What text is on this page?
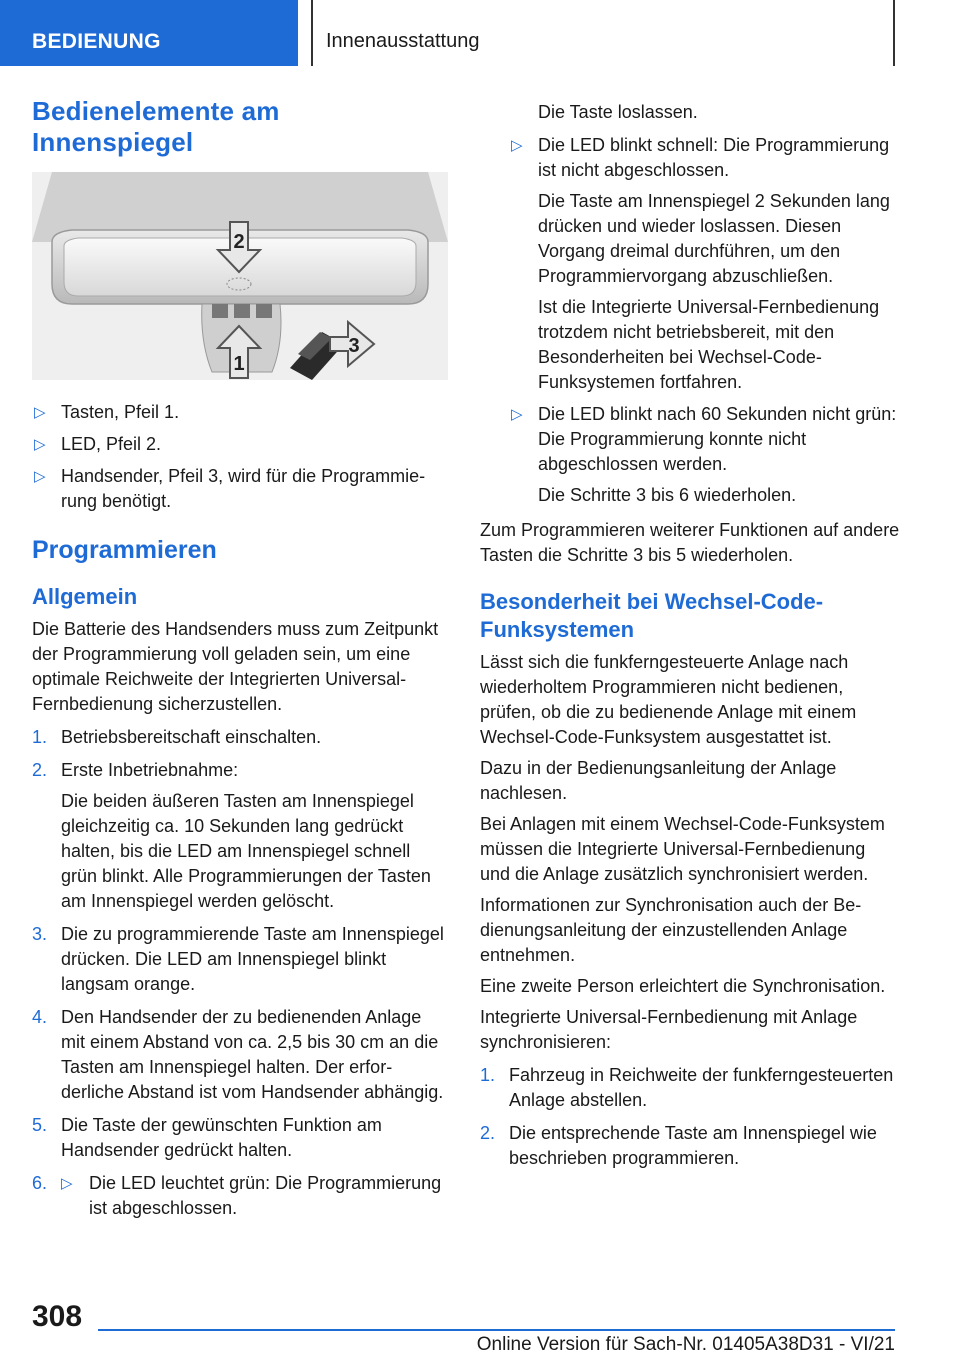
BEDIENUNG	Innenausstattung
Bedienelemente am Innenspiegel
2
1
3
▷ Tasten, Pfeil 1.
▷ LED, Pfeil 2.
▷ Handsender, Pfeil 3, wird für die Programmierung benötigt.
Programmieren
Allgemein

Die Batterie des Handsenders muss zum Zeitpunkt der Programmierung voll geladen sein, um eine optimale Reichweite der Integrierten Universal-Fernbedienung sicherzustellen.

1. Betriebsbereitschaft einschalten.
2. Erste Inbetriebnahme:

Die beiden äußeren Tasten am Innenspiegel gleichzeitig ca. 10 Sekunden lang gedrückt halten, bis die LED am Innenspiegel schnell grün blinkt. Alle Programmierungen der Tasten am Innenspiegel werden gelöscht.

3. Die zu programmierende Taste am Innenspiegel drücken. Die LED am Innenspiegel blinkt langsam orange.
4. Den Handsender der zu bedienenden Anlage mit einem Abstand von ca. 2,5 bis 30 cm an die Tasten am Innenspiegel halten. Der erforderliche Abstand ist vom Handsender abhängig.
5. Die Taste der gewünschten Funktion am Handsender gedrückt halten.
6. ▷ Die LED leuchtet grün: Die Programmierung ist abgeschlossen.

Die Taste loslassen.

▷ Die LED blinkt schnell: Die Programmierung ist nicht abgeschlossen.

Die Taste am Innenspiegel 2 Sekunden lang drücken und wieder loslassen. Diesen Vorgang dreimal durchführen, um den Programmiervorgang abzuschließen.

Ist die Integrierte Universal-Fernbedienung trotzdem nicht betriebsbereit, mit den Besonderheiten bei Wechsel-Code-Funksystemen fortfahren.

▷ Die LED blinkt nach 60 Sekunden nicht grün: Die Programmierung konnte nicht abgeschlossen werden.

Die Schritte 3 bis 6 wiederholen.

Zum Programmieren weiterer Funktionen auf andere Tasten die Schritte 3 bis 5 wiederholen.

Besonderheit bei Wechsel-Code-Funksystemen

Lässt sich die funkferngesteuerte Anlage nach wiederholtem Programmieren nicht bedienen, prüfen, ob die zu bedienende Anlage mit einem Wechsel-Code-Funksystem ausgestattet ist.

Dazu in der Bedienungsanleitung der Anlage nachlesen.

Bei Anlagen mit einem Wechsel-Code-Funksystem müssen die Integrierte Universal-Fernbedienung und die Anlage zusätzlich synchronisiert werden.

Informationen zur Synchronisation auch der Bedienungsanleitung der einzustellenden Anlage entnehmen.

Eine zweite Person erleichtert die Synchronisation.

Integrierte Universal-Fernbedienung mit Anlage synchronisieren:

1. Fahrzeug in Reichweite der funkferngesteuerten Anlage abstellen.
2. Die entsprechende Taste am Innenspiegel wie beschrieben programmieren.
308
Online Version für Sach-Nr. 01405A38D31 - VI/21
